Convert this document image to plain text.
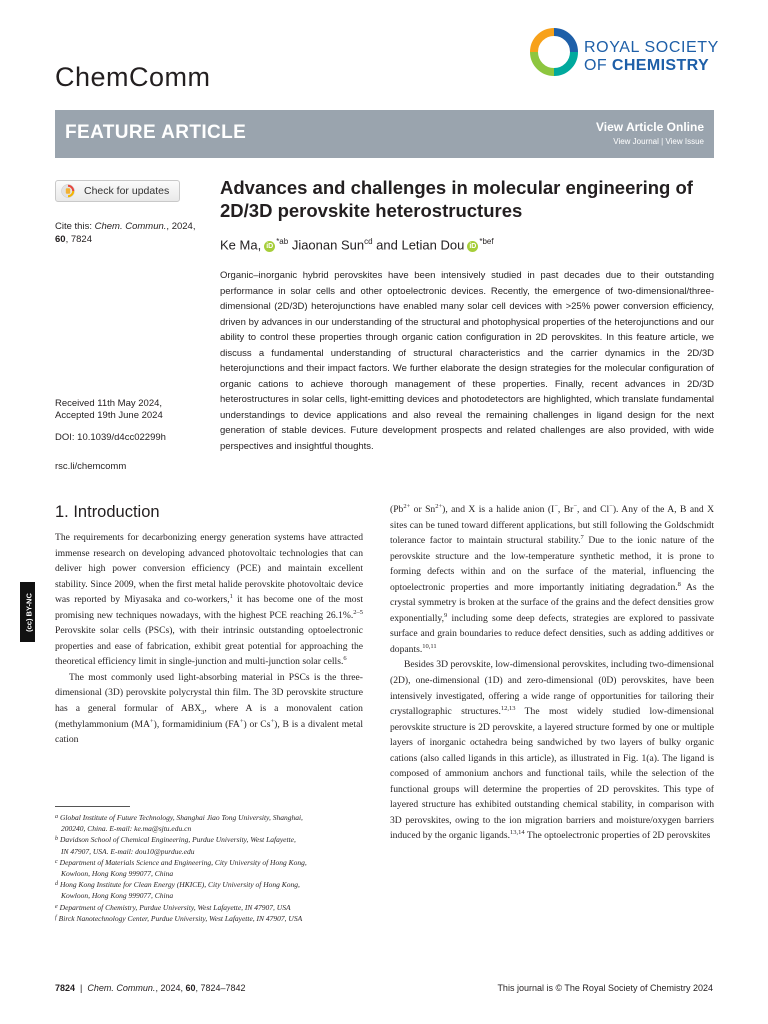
ChemComm
ROYAL SOCIETY
OF CHEMISTRY
FEATURE ARTICLE	View Article Online
View Journal | View Issue
Check for updates
Cite this: Chem. Commun., 2024,
60, 7824
Received 11th May 2024,
Accepted 19th June 2024
DOI: 10.1039/d4cc02299h
rsc.li/chemcomm
Advances and challenges in molecular engineering of 2D/3D perovskite heterostructures
Ke Ma, $iD^{*ab}$ Jiaonan Sun$^{cd}$ and Letian Dou $iD^{*bef}$

Organic–inorganic hybrid perovskites have been intensively studied in past decades due to their outstanding performance in solar cells and other optoelectronic devices. Recently, the emergence of two-dimensional/three-dimensional (2D/3D) heterojunctions have enabled many solar cell devices with >25% power conversion efficiency, driven by advances in our understanding of the structural and photophysical properties of the heterojunctions and our ability to control these properties through organic cation configuration in 2D perovskites. In this feature article, we discuss a fundamental understanding of structural characteristics and the carrier dynamics in the 2D/3D heterojunctions and their impact factors. We further elaborate the design strategies for the molecular configuration of organic cations to achieve thorough management of these properties. Finally, recent advances in 2D/3D heterostructures in solar cells, light-emitting devices and photodetectors are highlighted, which translate fundamental understandings to device applications and also reveal the remaining challenges in ligand design for the next generation of stable devices. Future development prospects and related challenges are also provided, with wide perspectives and insightful thoughts.

1. Introduction

The requirements for decarbonizing energy generation systems have attracted immense research on developing advanced photovoltaic technologies that can deliver high power conversion efficiency (PCE) and maintain excellent stability. Since 2009, when the first metal halide perovskite photovoltaic device was reported by Miyasaka and co-workers,$^1$ it has become one of the most promising new techniques nowadays, with the highest PCE reaching 26.1%.$^{2-5}$ Perovskite solar cells (PSCs), with their intrinsic outstanding optoelectronic properties and ease of fabrication, exhibit great potential for approaching the theoretical efficiency limit in single-junction and multi-junction solar cells.$^6$

The most commonly used light-absorbing material in PSCs is the three-dimensional (3D) perovskite polycrystal thin film. The 3D perovskite structure has a general formular of $ABX_3$, where A is a monovalent cation (methylammonium (MA+), formamidinium (FA+) or Cs+), B is a divalent metal cation

($Pb^{2+}$ or $Sn^{2+}$), and X is a halide anion (I−, Br−, and Cl−). Any of the A, B and X sites can be tuned toward different applications, but still following the Goldschmidt tolerance factor to maintain structural stability.$^7$ Due to the ionic nature of the perovskite structure and the low-temperature synthetic method, it is prone to forming defects within and on the surface of the material, influencing the optoelectronic properties and more importantly initiating degradation.$^8$ As the crystal symmetry is broken at the surface of the grains and the defect densities grow exponentially,$^9$ including some deep defects, strategies are explored to passivate surface and grain boundaries to reduce defect densities, such as adding additives or dopants.$^{10,11}$

Besides 3D perovskite, low-dimensional perovskites, including two-dimensional (2D), one-dimensional (1D) and zero-dimensional (0D) perovskites, have been intensively investigated, offering a wide range of opportunities for tailoring their crystallographic structures.$^{12,13}$ The most widely studied low-dimensional perovskite structure is 2D perovskite, a layered structure formed by one or multiple layers of inorganic octahedra being sandwiched by two layers of bulky organic cations (also called ligands in this article), as illustrated in Fig. 1(a). The ligand is composed of ammonium anchors and functional tails, while the selection of the functional groups will determine the properties of 2D perovskites. This type of layered structure has exhibited outstanding chemical stability, in comparison with 3D perovskites, owing to the ion migration barriers and moisture/oxygen barriers induced by the organic ligands.$^{13,14}$ The optoelectronic properties of 2D perovskites

$^a$ Global Institute of Future Technology, Shanghai Jiao Tong University, Shanghai,
200240, China. E-mail: ke.ma@sjtu.edu.cn
$^b$ Davidson School of Chemical Engineering, Purdue University, West Lafayette,
IN 47907, USA. E-mail: dou10@purdue.edu
$^c$ Department of Materials Science and Engineering, City University of Hong Kong,
Kowloon, Hong Kong 999077, China
$^d$ Hong Kong Institute for Clean Energy (HKICE), City University of Hong Kong,
Kowloon, Hong Kong 999077, China
$^e$ Department of Chemistry, Purdue University, West Lafayette, IN 47907, USA
$^f$ Birck Nanotechnology Center, Purdue University, West Lafayette, IN 47907, USA
(cc) BY-NC
7824 | Chem. Commun., 2024, 60, 7824–7842	This journal is © The Royal Society of Chemistry 2024
